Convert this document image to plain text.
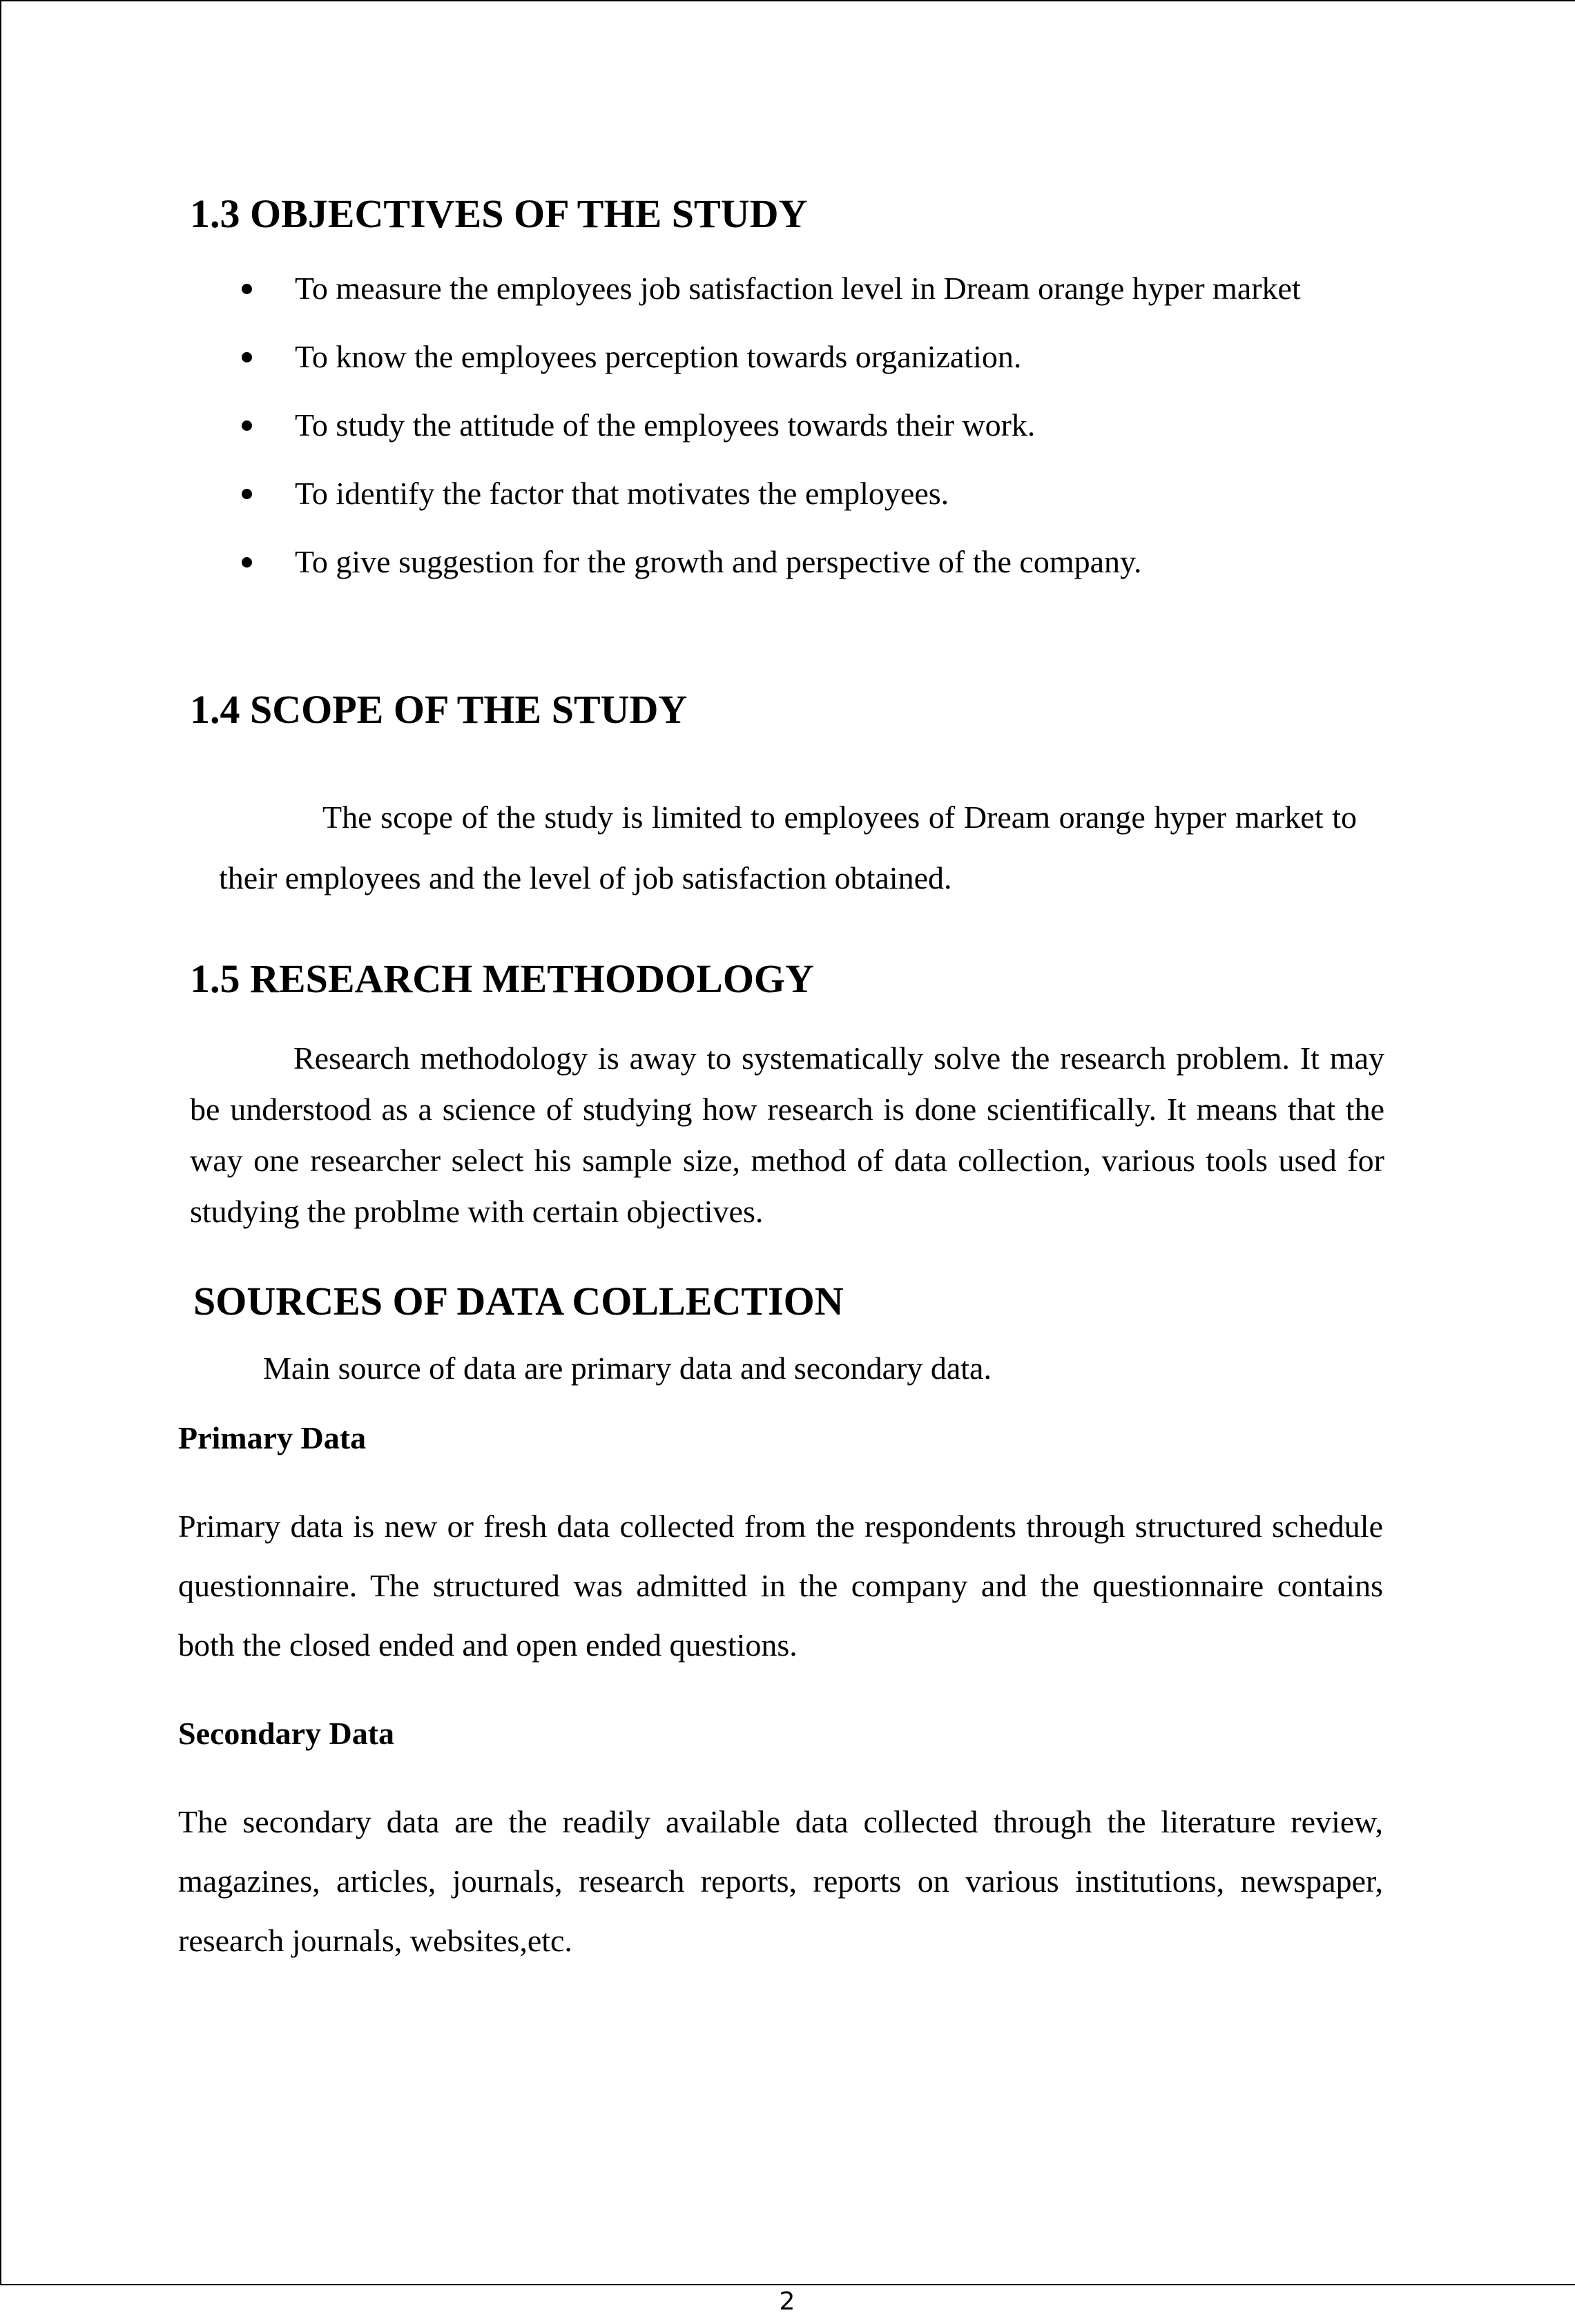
1.3 OBJECTIVES OF THE STUDY
To measure the employees job satisfaction level in Dream orange hyper market
To know the employees perception towards organization.
To study the attitude of the employees towards their work.
To identify the factor that motivates the employees.
To give suggestion for the growth and perspective of the company.
1.4 SCOPE OF THE STUDY

The scope of the study is limited to employees of Dream orange hyper market to their employees and the level of job satisfaction obtained.

1.5 RESEARCH METHODOLOGY

Research methodology is away to systematically solve the research problem. It may be understood as a science of studying how research is done scientifically. It means that the way one researcher select his sample size, method of data collection, various tools used for studying the problme with certain objectives.

SOURCES OF DATA COLLECTION

Main source of data are primary data and secondary data.

Primary Data

Primary data is new or fresh data collected from the respondents through structured schedule questionnaire. The structured was admitted in the company and the questionnaire contains both the closed ended and open ended questions.

Secondary Data

The secondary data are the readily available data collected through the literature review, magazines, articles, journals, research reports, reports on various institutions, newspaper, research journals, websites,etc.

2
